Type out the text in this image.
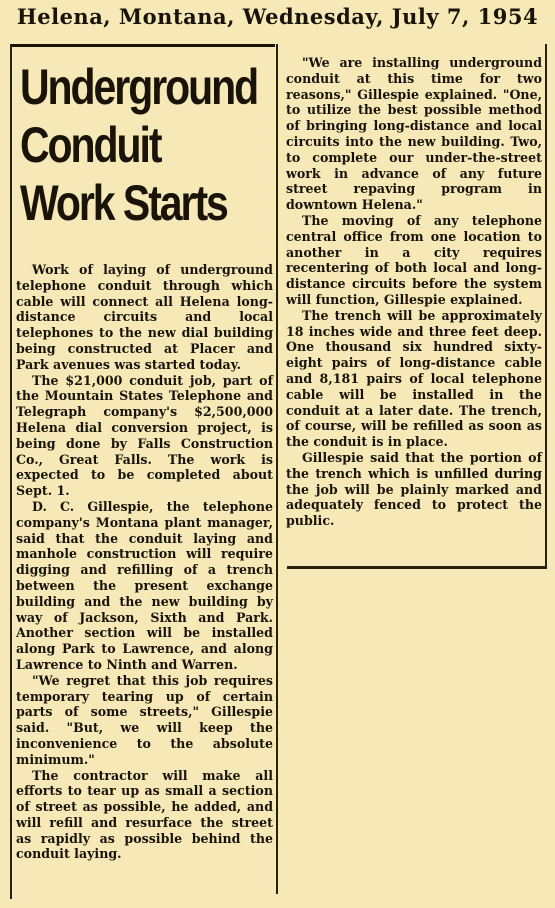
Helena, Montana, Wednesday, July 7, 1954
Underground
Conduit
Work Starts

Work of laying of underground telephone conduit through which cable will connect all Helena long-distance circuits and local telephones to the new dial building being constructed at Placer and Park avenues was started today.

The $21,000 conduit job, part of the Mountain States Telephone and Telegraph company's $2,500,000 Helena dial conversion project, is being done by Falls Construction Co., Great Falls. The work is expected to be completed about Sept. 1.

D. C. Gillespie, the telephone company's Montana plant manager, said that the conduit laying and manhole construction will require digging and refilling of a trench between the present exchange building and the new building by way of Jackson, Sixth and Park. Another section will be installed along Park to Lawrence, and along Lawrence to Ninth and Warren.

"We regret that this job requires temporary tearing up of certain parts of some streets," Gillespie said. "But, we will keep the inconvenience to the absolute minimum."

The contractor will make all efforts to tear up as small a section of street as possible, he added, and will refill and resurface the street as rapidly as possible behind the conduit laying.

"We are installing underground conduit at this time for two reasons," Gillespie explained. "One, to utilize the best possible method of bringing long-distance and local circuits into the new building. Two, to complete our under-the-street work in advance of any future street repaving program in downtown Helena."

The moving of any telephone central office from one location to another in a city requires recentering of both local and long-distance circuits before the system will function, Gillespie explained.

The trench will be approximately 18 inches wide and three feet deep. One thousand six hundred sixty-eight pairs of long-distance cable and 8,181 pairs of local telephone cable will be installed in the conduit at a later date. The trench, of course, will be refilled as soon as the conduit is in place.

Gillespie said that the portion of the trench which is unfilled during the job will be plainly marked and adequately fenced to protect the public.
